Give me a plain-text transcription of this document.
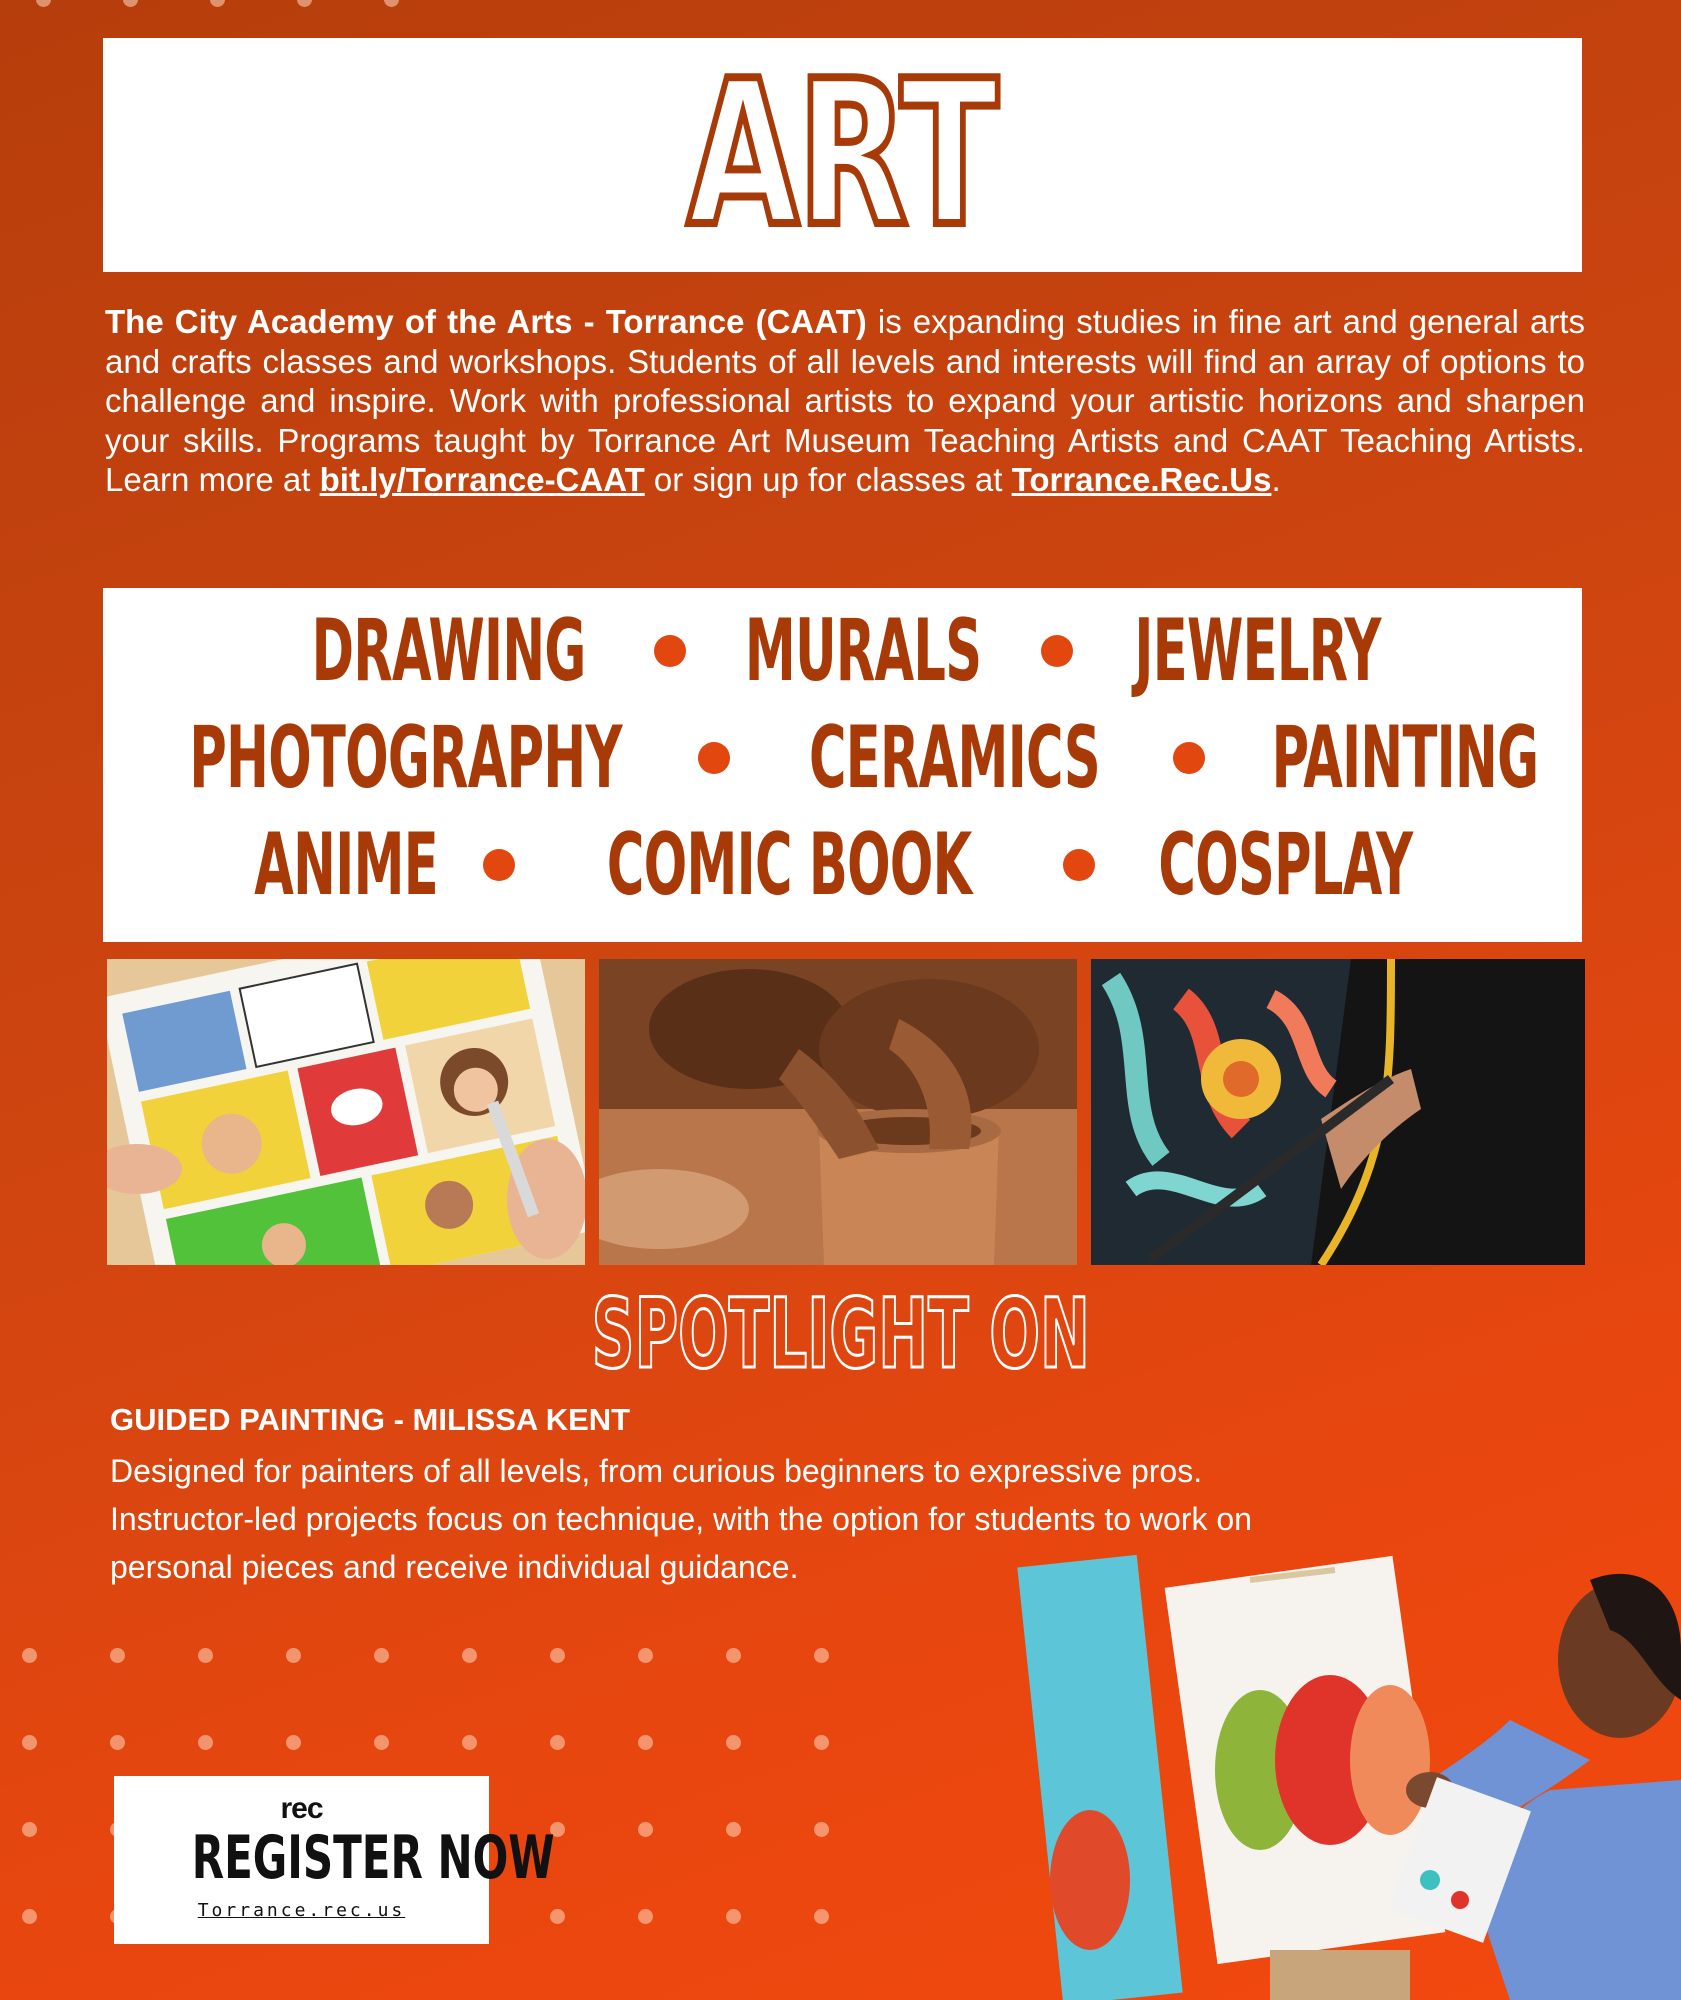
ART

The City Academy of the Arts - Torrance (CAAT) is expanding studies in fine art and general arts and crafts classes and workshops. Students of all levels and interests will find an array of options to challenge and inspire. Work with professional artists to expand your artistic horizons and sharpen your skills. Programs taught by Torrance Art Museum Teaching Artists and CAAT Teaching Artists. Learn more at bit.ly/Torrance-CAAT or sign up for classes at Torrance.Rec.Us.

DRAWING MURALS JEWELRY
PHOTOGRAPHY CERAMICS PAINTING
ANIME COMIC BOOK COSPLAY
SPOTLIGHT ON
GUIDED PAINTING - MILISSA KENT
Designed for painters of all levels, from curious beginners to expressive pros. Instructor-led projects focus on technique, with the option for students to work on personal pieces and receive individual guidance.
rec
REGISTER NOW
Torrance.rec.us
